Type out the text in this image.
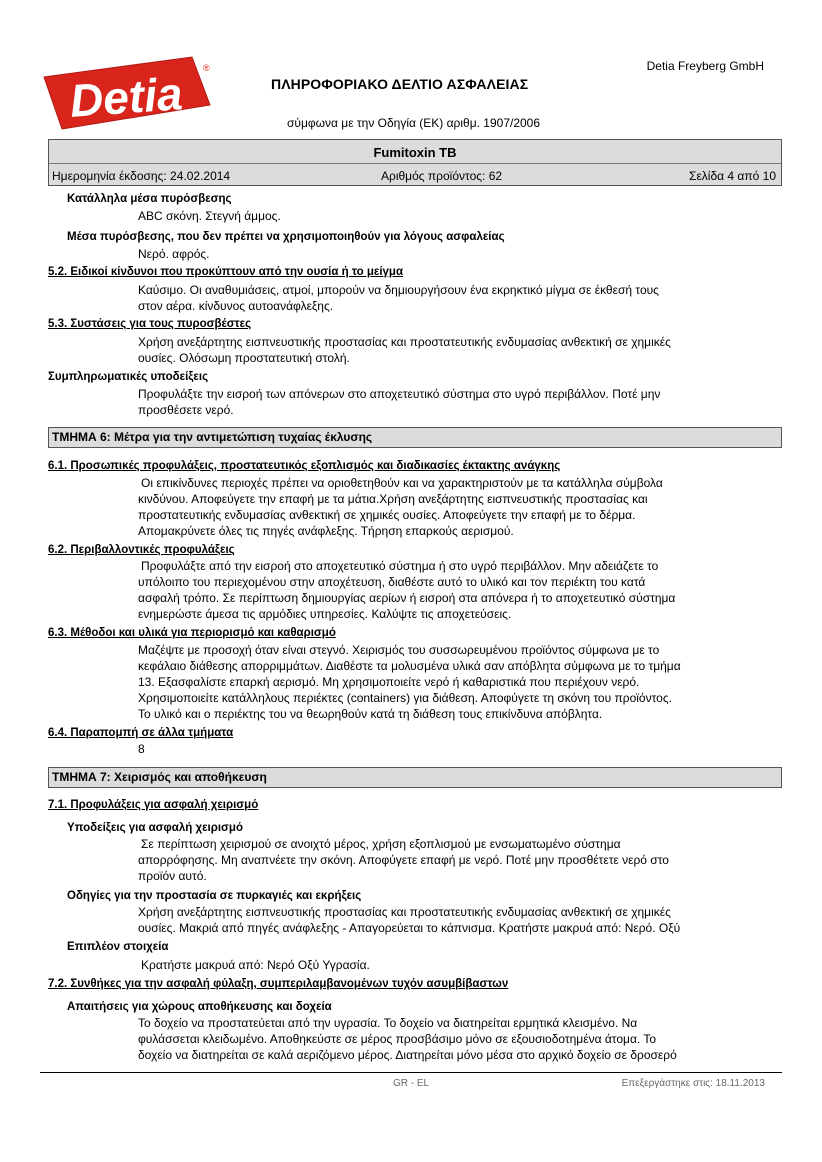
Detia ®	Detia Freyberg GmbH
ΠΛΗΡΟΦΟΡΙΑΚΟ ΔΕΛΤΙΟ ΑΣΦΑΛΕΙΑΣ
σύμφωνα με την Οδηγία (ΕΚ) αριθμ. 1907/2006
Fumitoxin TB
Ημερομηνία έκδοσης: 24.02.2014	Αριθμός προϊόντος: 62	Σελίδα 4 από 10
Κατάλληλα μέσα πυρόσβεσης
ABC σκόνη. Στεγνή άμμος.
Μέσα πυρόσβεσης, που δεν πρέπει να χρησιμοποιηθούν για λόγους ασφαλείας
Νερό. αφρός.
5.2. Ειδικοί κίνδυνοι που προκύπτουν από την ουσία ή το μείγμα
Καύσιμο. Οι αναθυμιάσεις, ατμοί, μπορούν να δημιουργήσουν ένα εκρηκτικό μίγμα σε έκθεσή τους
στον αέρα. κίνδυνος αυτοανάφλεξης.
5.3. Συστάσεις για τους πυροσβέστες
Χρήση ανεξάρτητης εισπνευστικής προστασίας και προστατευτικής ενδυμασίας ανθεκτική σε χημικές
ουσίες. Ολόσωμη προστατευτική στολή.
Συμπληρωματικές υποδείξεις
Προφυλάξτε την εισροή των απόνερων στο αποχετευτικό σύστημα στο υγρό περιβάλλον. Ποτέ μην
προσθέσετε νερό.
ΤΜΗΜΑ 6: Μέτρα για την αντιμετώπιση τυχαίας έκλυσης
6.1. Προσωπικές προφυλάξεις, προστατευτικός εξοπλισμός και διαδικασίες έκτακτης ανάγκης
Οι επικίνδυνες περιοχές πρέπει να οριοθετηθούν και να χαρακτηριστούν με τα κατάλληλα σύμβολα
κινδύνου. Αποφεύγετε την επαφή με τα μάτια.Χρήση ανεξάρτητης εισπνευστικής προστασίας και
προστατευτικής ενδυμασίας ανθεκτική σε χημικές ουσίες. Αποφεύγετε την επαφή με το δέρμα.
Απομακρύνετε όλες τις πηγές ανάφλεξης. Τήρηση επαρκούς αερισμού.
6.2. Περιβαλλοντικές προφυλάξεις
Προφυλάξτε από την εισροή στο αποχετευτικό σύστημα ή στο υγρό περιβάλλον. Μην αδειάζετε το
υπόλοιπο του περιεχομένου στην αποχέτευση, διαθέστε αυτό το υλικό και τον περιέκτη του κατά
ασφαλή τρόπο. Σε περίπτωση δημιουργίας αερίων ή εισροή στα απόνερα ή το αποχετευτικό σύστημα
ενημερώστε άμεσα τις αρμόδιες υπηρεσίες. Καλύψτε τις αποχετεύσεις.
6.3. Μέθοδοι και υλικά για περιορισμό και καθαρισμό
Μαζέψτε με προσοχή όταν είναι στεγνό. Χειρισμός του συσσωρευμένου προϊόντος σύμφωνα με το
κεφάλαιο διάθεσης απορριμμάτων. Διαθέστε τα μολυσμένα υλικά σαν απόβλητα σύμφωνα με το τμήμα
13. Εξασφαλίστε επαρκή αερισμό. Μη χρησιμοποιείτε νερό ή καθαριστικά που περιέχουν νερό.
Χρησιμοποιείτε κατάλληλους περιέκτες (containers) για διάθεση. Αποφύγετε τη σκόνη του προϊόντος.
Το υλικό και ο περιέκτης του να θεωρηθούν κατά τη διάθεση τους επικίνδυνα απόβλητα.
6.4. Παραπομπή σε άλλα τμήματα
8
ΤΜΗΜΑ 7: Χειρισμός και αποθήκευση
7.1. Προφυλάξεις για ασφαλή χειρισμό
Υποδείξεις για ασφαλή χειρισμό
Σε περίπτωση χειρισμού σε ανοιχτό μέρος, χρήση εξοπλισμού με ενσωματωμένο σύστημα
απορρόφησης. Μη αναπνέετε την σκόνη. Αποφύγετε επαφή με νερό. Ποτέ μην προσθέτετε νερό στο
προϊόν αυτό.
Οδηγίες για την προστασία σε πυρκαγιές και εκρήξεις
Χρήση ανεξάρτητης εισπνευστικής προστασίας και προστατευτικής ενδυμασίας ανθεκτική σε χημικές
ουσίες. Μακριά από πηγές ανάφλεξης - Απαγορεύεται το κάπνισμα. Κρατήστε μακρυά από: Νερό. Οξύ
Επιπλέον στοιχεία
Κρατήστε μακρυά από: Νερό Οξύ Υγρασία.
7.2. Συνθήκες για την ασφαλή φύλαξη, συμπεριλαμβανομένων τυχόν ασυμβίβαστων
Απαιτήσεις για χώρους αποθήκευσης και δοχεία
Το δοχείο να προστατεύεται από την υγρασία. Το δοχείο να διατηρείται ερμητικά κλεισμένο. Να
φυλάσσεται κλειδωμένο. Αποθηκεύστε σε μέρος προσβάσιμο μόνο σε εξουσιοδοτημένα άτομα. Το
δοχείο να διατηρείται σε καλά αεριζόμενο μέρος. Διατηρείται μόνο μέσα στο αρχικό δοχείο σε δροσερό
GR - EL	Επεξεργάστηκε στις: 18.11.2013
